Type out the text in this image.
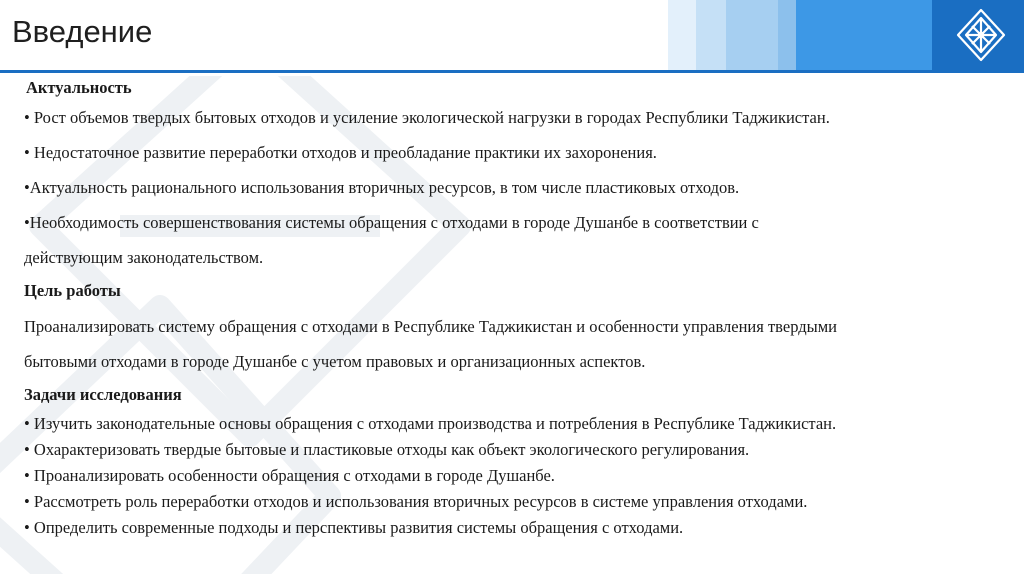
Введение
Актуальность
• Рост объемов твердых бытовых отходов и усиление экологической нагрузки в городах Республики Таджикистан.
• Недостаточное развитие переработки отходов и преобладание практики их захоронения.
•Актуальность рационального использования вторичных ресурсов, в том числе пластиковых отходов.
•Необходимость совершенствования системы обращения с отходами в городе Душанбе в соответствии с
действующим законодательством.
Цель работы
Проанализировать систему обращения с отходами в Республике Таджикистан и особенности управления твердыми
бытовыми отходами в городе Душанбе с учетом правовых и организационных аспектов.
Задачи исследования
• Изучить законодательные основы обращения с отходами производства и потребления в Республике Таджикистан.
• Охарактеризовать твердые бытовые и пластиковые отходы как объект экологического регулирования.
• Проанализировать особенности обращения с отходами в городе Душанбе.
• Рассмотреть роль переработки отходов и использования вторичных ресурсов в системе управления отходами.
• Определить современные подходы и перспективы развития системы обращения с отходами.
